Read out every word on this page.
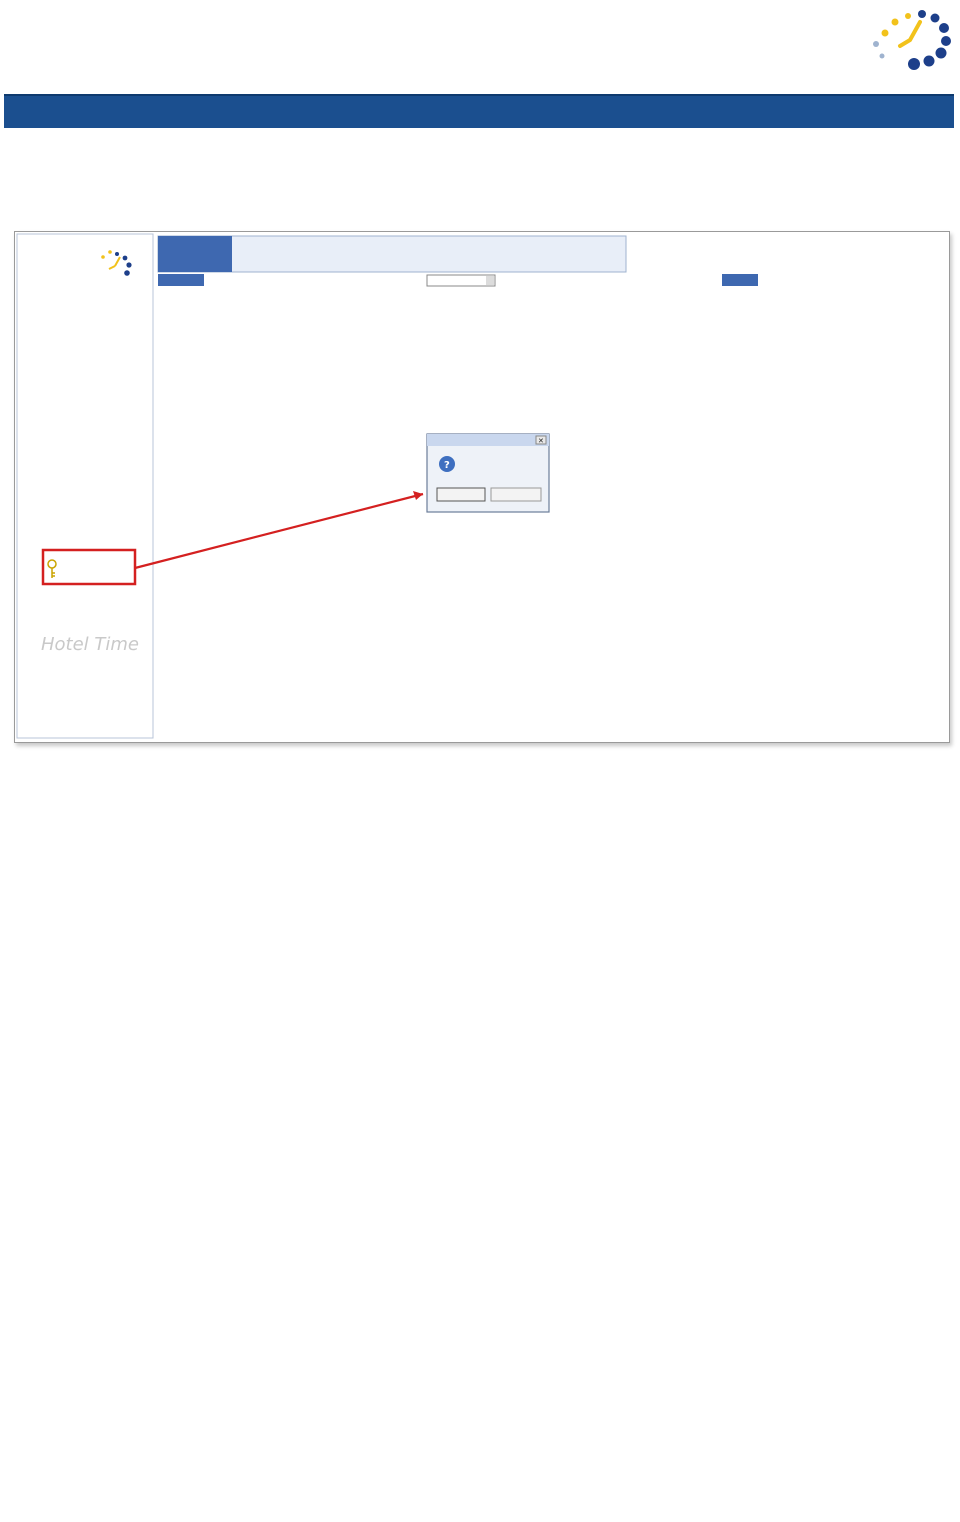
Hotel Time
✕
?
